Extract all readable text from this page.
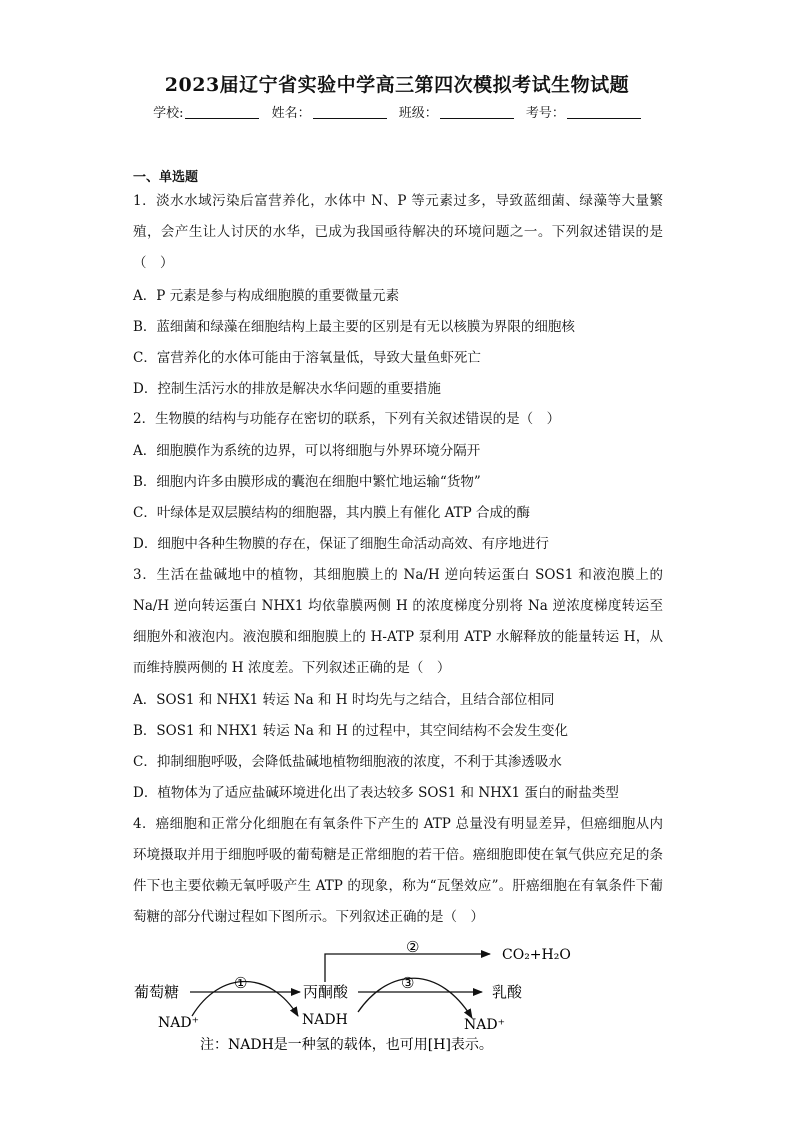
2023届辽宁省实验中学高三第四次模拟考试生物试题
学校:	姓名：	班级：	考号：
一、单选题
1．淡水水域污染后富营养化，水体中 N、P 等元素过多，导致蓝细菌、绿藻等大量繁殖，会产生让人讨厌的水华，已成为我国亟待解决的环境问题之一。下列叙述错误的是（　）
A．P 元素是参与构成细胞膜的重要微量元素
B．蓝细菌和绿藻在细胞结构上最主要的区别是有无以核膜为界限的细胞核
C．富营养化的水体可能由于溶氧量低，导致大量鱼虾死亡
D．控制生活污水的排放是解决水华问题的重要措施
2．生物膜的结构与功能存在密切的联系，下列有关叙述错误的是（　）
A．细胞膜作为系统的边界，可以将细胞与外界环境分隔开
B．细胞内许多由膜形成的囊泡在细胞中繁忙地运输“货物”
C．叶绿体是双层膜结构的细胞器，其内膜上有催化 ATP 合成的酶
D．细胞中各种生物膜的存在，保证了细胞生命活动高效、有序地进行
3．生活在盐碱地中的植物，其细胞膜上的 Na/H 逆向转运蛋白 SOS1 和液泡膜上的 Na/H 逆向转运蛋白 NHX1 均依靠膜两侧 H 的浓度梯度分别将 Na 逆浓度梯度转运至细胞外和液泡内。液泡膜和细胞膜上的 H-ATP 泵利用 ATP 水解释放的能量转运 H，从而维持膜两侧的 H 浓度差。下列叙述正确的是（　）
A．SOS1 和 NHX1 转运 Na 和 H 时均先与之结合，且结合部位相同
B．SOS1 和 NHX1 转运 Na 和 H 的过程中，其空间结构不会发生变化
C．抑制细胞呼吸，会降低盐碱地植物细胞液的浓度，不利于其渗透吸水
D．植物体为了适应盐碱环境进化出了表达较多 SOS1 和 NHX1 蛋白的耐盐类型
4．癌细胞和正常分化细胞在有氧条件下产生的 ATP 总量没有明显差异，但癌细胞从内环境摄取并用于细胞呼吸的葡萄糖是正常细胞的若干倍。癌细胞即使在氧气供应充足的条件下也主要依赖无氧呼吸产生 ATP 的现象，称为“瓦堡效应”。肝癌细胞在有氧条件下葡萄糖的部分代谢过程如下图所示。下列叙述正确的是（　）
葡萄糖	丙酮酸	乳酸
CO₂+H₂O
NAD⁺	NADH	NAD⁺
①
②
③
注：NADH是一种氢的载体，也可用[H]表示。
